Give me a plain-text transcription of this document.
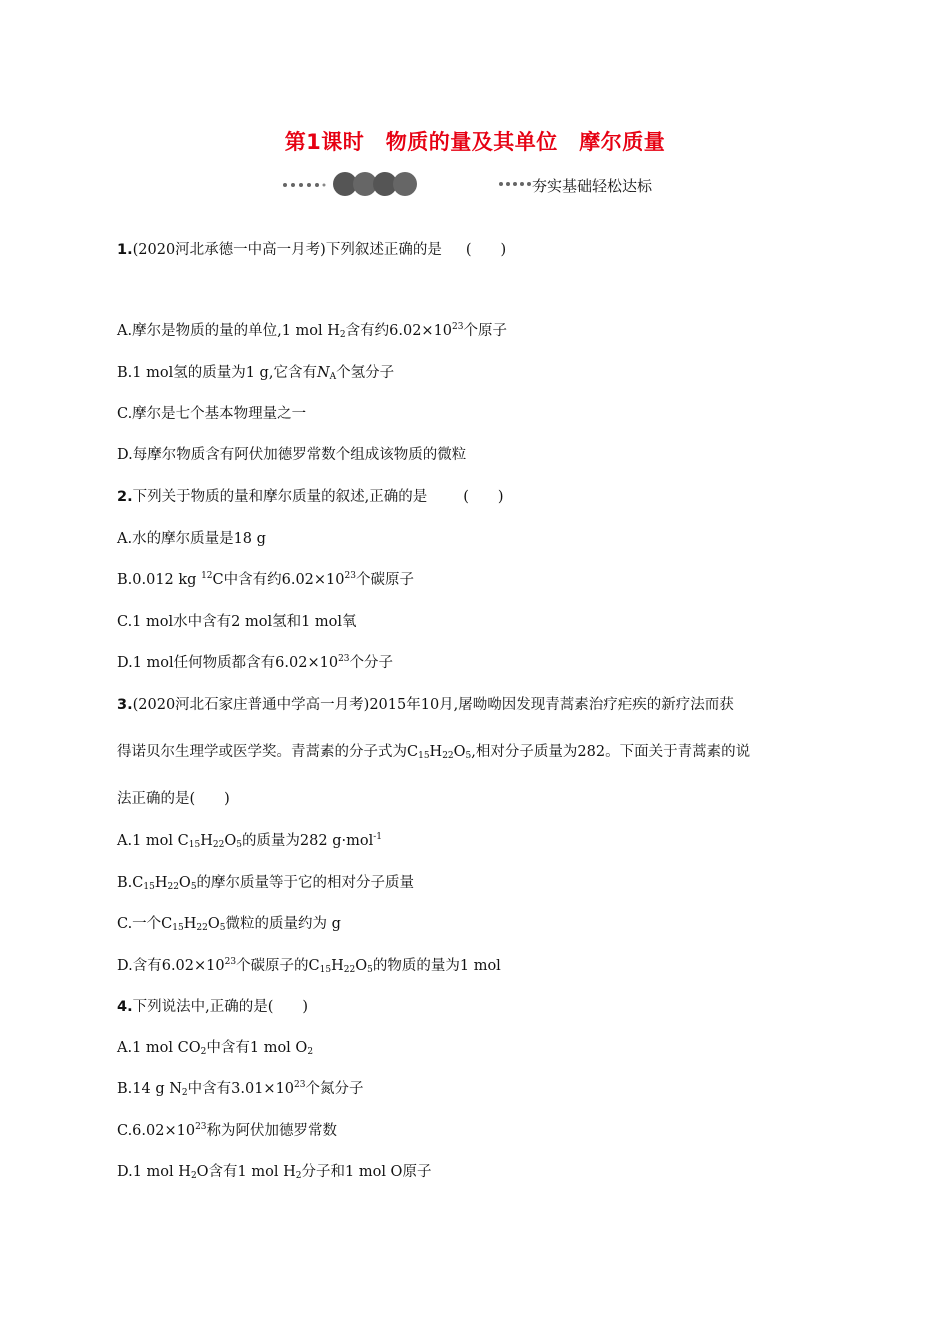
第1课时　物质的量及其单位　摩尔质量
夯实基础轻松达标
1.(2020河北承德一中高一月考)下列叙述正确的是 (　　)
A.摩尔是物质的量的单位,1 mol $H_2$含有约$6.02\times 10^{23}$个原子
B.1 mol氢的质量为1 g,它含有$N_A$个氢分子
C.摩尔是七个基本物理量之一
D.每摩尔物质含有阿伏加德罗常数个组成该物质的微粒
2.下列关于物质的量和摩尔质量的叙述,正确的是 (　　)
A.水的摩尔质量是18 g
B.0.012 kg $^{12}$C中含有约$6.02\times 10^{23}$个碳原子
C.1 mol水中含有2 mol氢和1 mol氧
D.1 mol任何物质都含有$6.02\times 10^{23}$个分子
3.(2020河北石家庄普通中学高一月考)2015年10月,屠呦呦因发现青蒿素治疗疟疾的新疗法而获
得诺贝尔生理学或医学奖。青蒿素的分子式为$C_{15}H_{22}O_5$,相对分子质量为282。下面关于青蒿素的说
法正确的是(　　)
A.1 mol $C_{15}H_{22}O_5$的质量为282 g·mol$^{-1}$
$B.C_{15}H_{22}O_5$的摩尔质量等于它的相对分子质量
C.一个$C_{15}H_{22}O_5$微粒的质量约为 g
D.含有$6.02\times 10^{23}$个碳原子的$C_{15}H_{22}O_5$的物质的量为1 mol
4.下列说法中,正确的是(　　)
A.1 mol $CO_2$中含有1 mol $O_2$
B.14 g $N_2$中含有$3.01\times 10^{23}$个氮分子
$C.6.02\times 10^{23}$称为阿伏加德罗常数
D.1 mol $H_2O$含有1 mol $H_2$分子和1 mol O原子
